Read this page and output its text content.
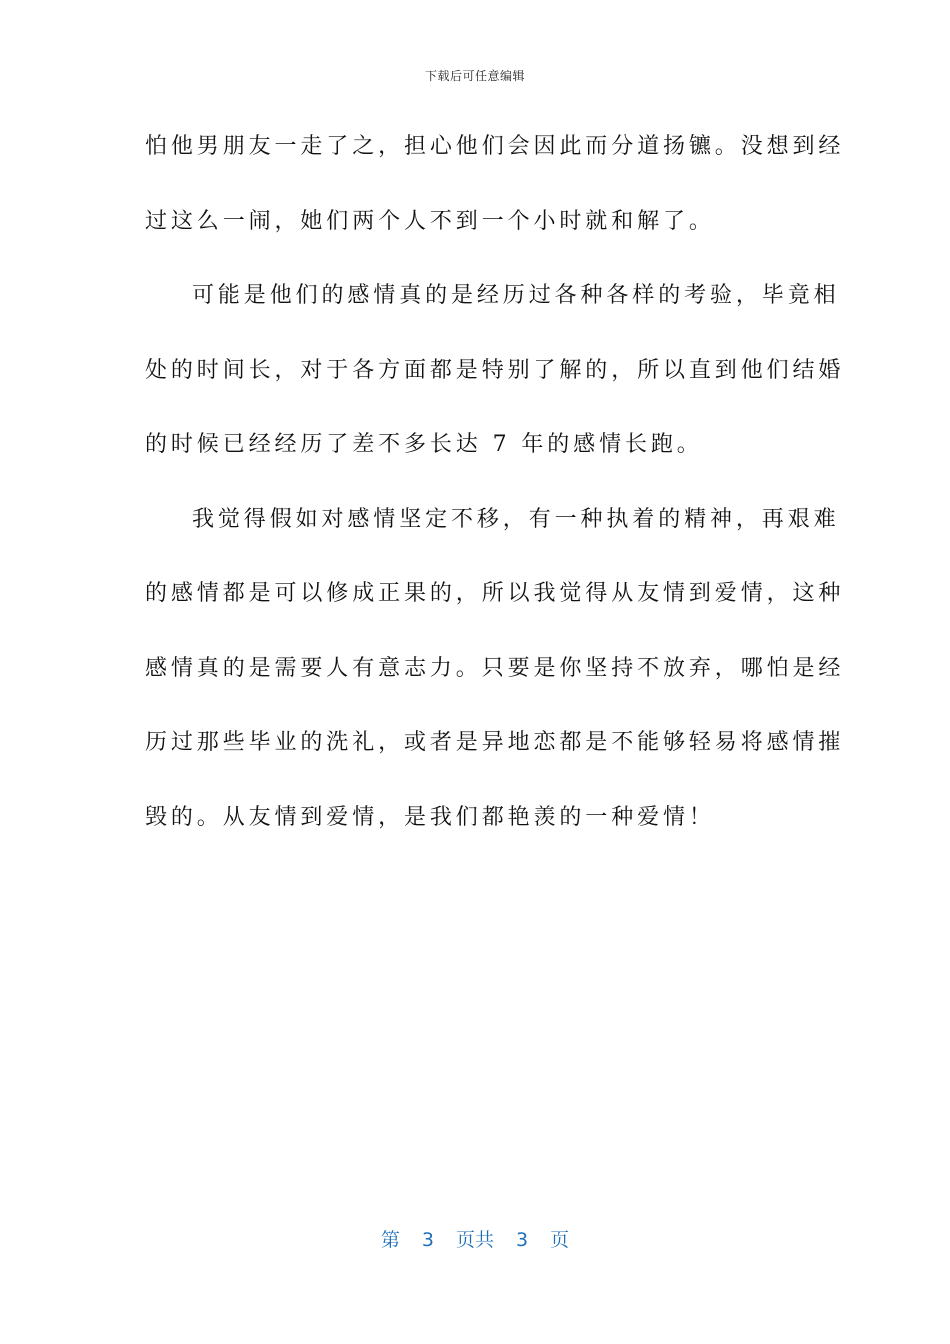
下载后可任意编辑
怕他男朋友一走了之，担心他们会因此而分道扬镳。没想到经
过这么一闹，她们两个人不到一个小时就和解了。
可能是他们的感情真的是经历过各种各样的考验，毕竟相
处的时间长，对于各方面都是特别了解的，所以直到他们结婚
的时候已经经历了差不多长达 7 年的感情长跑。
我觉得假如对感情坚定不移，有一种执着的精神，再艰难
的感情都是可以修成正果的，所以我觉得从友情到爱情，这种
感情真的是需要人有意志力。只要是你坚持不放弃，哪怕是经
历过那些毕业的洗礼，或者是异地恋都是不能够轻易将感情摧
毁的。从友情到爱情，是我们都艳羡的一种爱情！
第 3 页共 3 页
